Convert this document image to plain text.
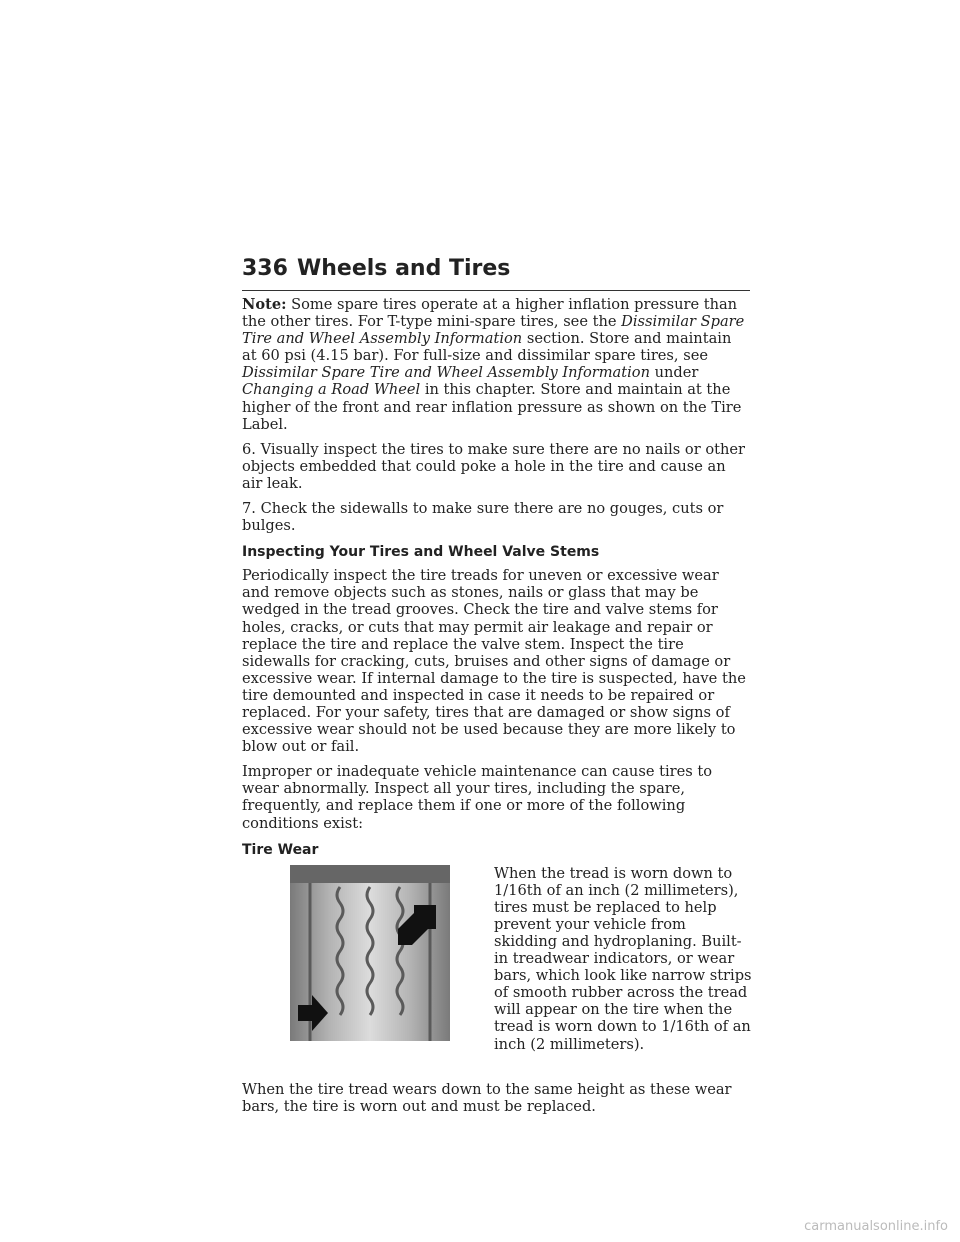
336 Wheels and Tires

Note: Some spare tires operate at a higher inflation pressure than the other tires. For T-type mini-spare tires, see the Dissimilar Spare Tire and Wheel Assembly Information section. Store and maintain at 60 psi (4.15 bar). For full-size and dissimilar spare tires, see Dissimilar Spare Tire and Wheel Assembly Information under Changing a Road Wheel in this chapter. Store and maintain at the higher of the front and rear inflation pressure as shown on the Tire Label.

6. Visually inspect the tires to make sure there are no nails or other objects embedded that could poke a hole in the tire and cause an air leak.

7. Check the sidewalls to make sure there are no gouges, cuts or bulges.

Inspecting Your Tires and Wheel Valve Stems

Periodically inspect the tire treads for uneven or excessive wear and remove objects such as stones, nails or glass that may be wedged in the tread grooves. Check the tire and valve stems for holes, cracks, or cuts that may permit air leakage and repair or replace the tire and replace the valve stem. Inspect the tire sidewalls for cracking, cuts, bruises and other signs of damage or excessive wear. If internal damage to the tire is suspected, have the tire demounted and inspected in case it needs to be repaired or replaced. For your safety, tires that are damaged or show signs of excessive wear should not be used because they are more likely to blow out or fail.

Improper or inadequate vehicle maintenance can cause tires to wear abnormally. Inspect all your tires, including the spare, frequently, and replace them if one or more of the following conditions exist:

Tire Wear
When the tread is worn down to 1/16th of an inch (2 millimeters), tires must be replaced to help prevent your vehicle from skidding and hydroplaning. Built-in treadwear indicators, or wear bars, which look like narrow strips of smooth rubber across the tread will appear on the tire when the tread is worn down to 1/16th of an inch (2 millimeters).

When the tire tread wears down to the same height as these wear bars, the tire is worn out and must be replaced.

carmanualsonline.info
